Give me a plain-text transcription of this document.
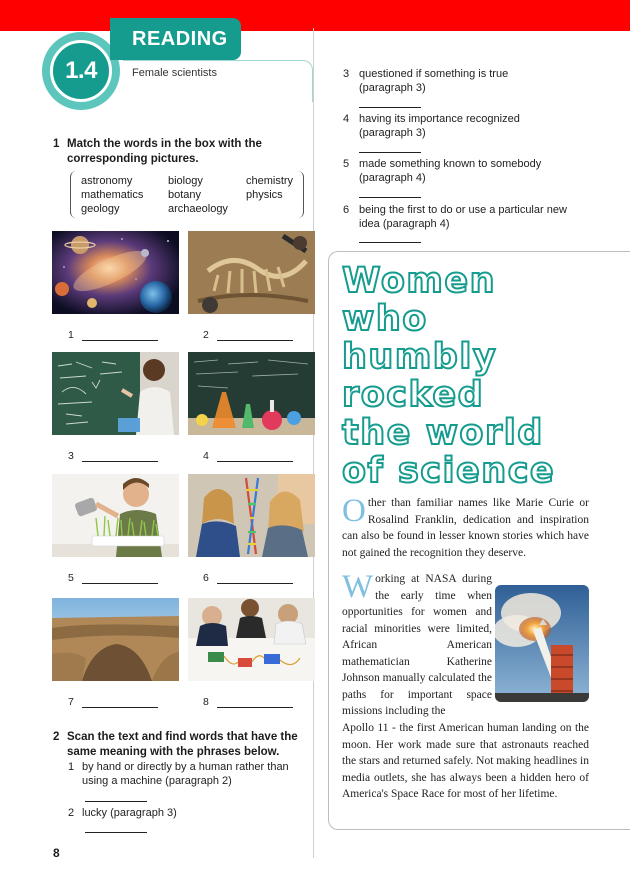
1.4
READING
Female scientists
1 Match the words in the box with the
corresponding pictures.
astronomy	biology	chemistry
mathematics	botany	physics
geology	archaeology
1	2
3	4
5	6
7	8
2 Scan the text and find words that have the
same meaning with the phrases below.
1 by hand or directly by a human rather than
using a machine (paragraph 2)
2 lucky (paragraph 3)
3 questioned if something is true
(paragraph 3)
4 having its importance recognized
(paragraph 3)
5 made something known to somebody
(paragraph 4)
6 being the first to do or use a particular new
idea (paragraph 4)
Women
who
humbly
rocked
the world
of science
Other than familiar names like Marie Curie or Rosalind Franklin, dedication and inspiration can also be found in lesser known stories which have not gained the recognition they deserve.
Working at NASA during the early time when opportunities for women and racial minorities were limited, African American mathematician Katherine Johnson manually calculated the paths for important space missions including the
Apollo 11 - the first American human landing on the moon. Her work made sure that astronauts reached the stars and returned safely. Not making headlines in media outlets, she has always been a hidden hero of America's Space Race for most of her lifetime.
8
